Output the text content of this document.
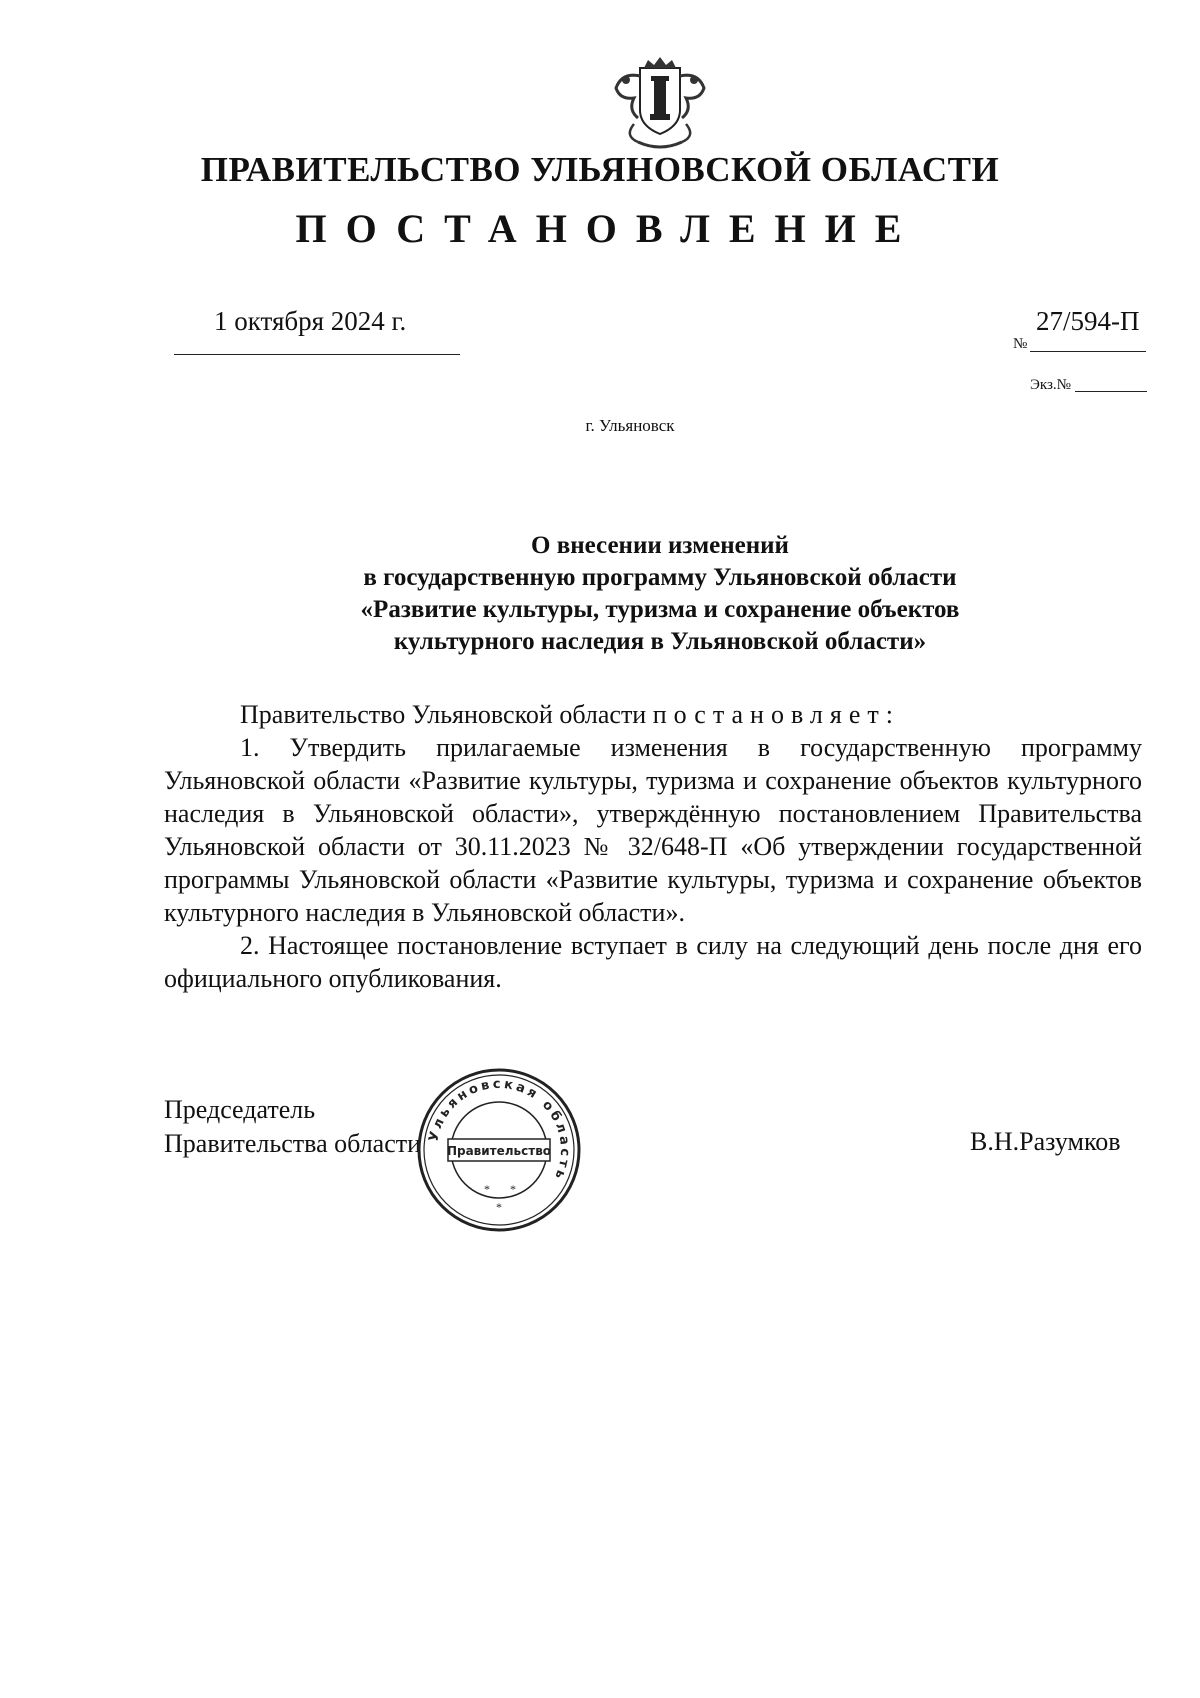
ПРАВИТЕЛЬСТВО УЛЬЯНОВСКОЙ ОБЛАСТИ
ПОСТАНОВЛЕНИЕ
1 октября 2024 г.
№
27/594-П
Экз.№
г. Ульяновск
О внесении изменений
в государственную программу Ульяновской области
«Развитие культуры, туризма и сохранение объектов
культурного наследия в Ульяновской области»

Правительство Ульяновской области постановляет:

1. Утвердить прилагаемые изменения в государственную программу Ульяновской области «Развитие культуры, туризма и сохранение объектов культурного наследия в Ульяновской области», утверждённую постановлением Правительства Ульяновской области от 30.11.2023 № 32/648-П «Об утверждении государственной программы Ульяновской области «Развитие культуры, туризма и сохранение объектов культурного наследия в Ульяновской области».

2. Настоящее постановление вступает в силу на следующий день после дня его официального опубликования.

Председатель
Правительства области Ульяновская область
Правительство
* *
*
В.Н.Разумков
